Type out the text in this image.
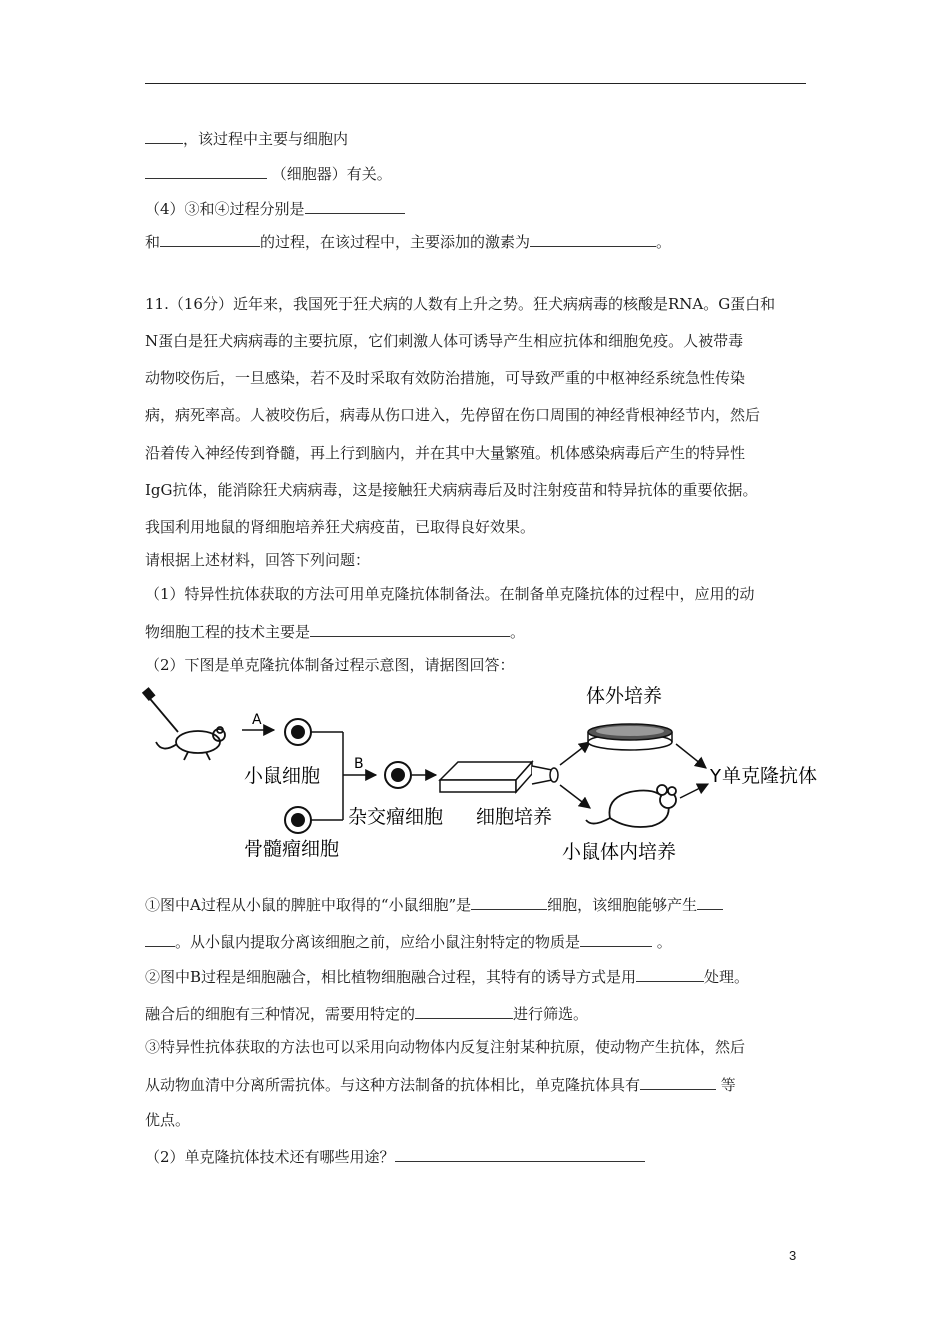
，该过程中主要与细胞内
（细胞器）有关。
（4）③和④过程分别是
和	的过程，在该过程中，主要添加的激素为	。
11.（16分）近年来，我国死于狂犬病的人数有上升之势。狂犬病病毒的核酸是RNA。G蛋白和
N蛋白是狂犬病病毒的主要抗原，它们刺激人体可诱导产生相应抗体和细胞免疫。人被带毒
动物咬伤后，一旦感染，若不及时采取有效防治措施，可导致严重的中枢神经系统急性传染
病，病死率高。人被咬伤后，病毒从伤口进入，先停留在伤口周围的神经背根神经节内，然后
沿着传入神经传到脊髓，再上行到脑内，并在其中大量繁殖。机体感染病毒后产生的特异性
IgG抗体，能消除狂犬病病毒，这是接触狂犬病病毒后及时注射疫苗和特异抗体的重要依据。
我国利用地鼠的肾细胞培养狂犬病疫苗，已取得良好效果。
请根据上述材料，回答下列问题：
（1）特异性抗体获取的方法可用单克隆抗体制备法。在制备单克隆抗体的过程中，应用的动
物细胞工程的技术主要是	。
（2）下图是单克隆抗体制备过程示意图，请据图回答：
A
小鼠细胞
骨髓瘤细胞
B
杂交瘤细胞 细胞培养
体外培养
小鼠体内培养
Y 单克隆抗体
①图中A过程从小鼠的脾脏中取得的“小鼠细胞”是	细胞，该细胞能够产生
。从小鼠内提取分离该细胞之前，应给小鼠注射特定的物质是	。
②图中B过程是细胞融合，相比植物细胞融合过程，其特有的诱导方式是用	处理。
融合后的细胞有三种情况，需要用特定的	进行筛选。
③特异性抗体获取的方法也可以采用向动物体内反复注射某种抗原，使动物产生抗体，然后
从动物血清中分离所需抗体。与这种方法制备的抗体相比，单克隆抗体具有	等
优点。
（2）单克隆抗体技术还有哪些用途？
3
